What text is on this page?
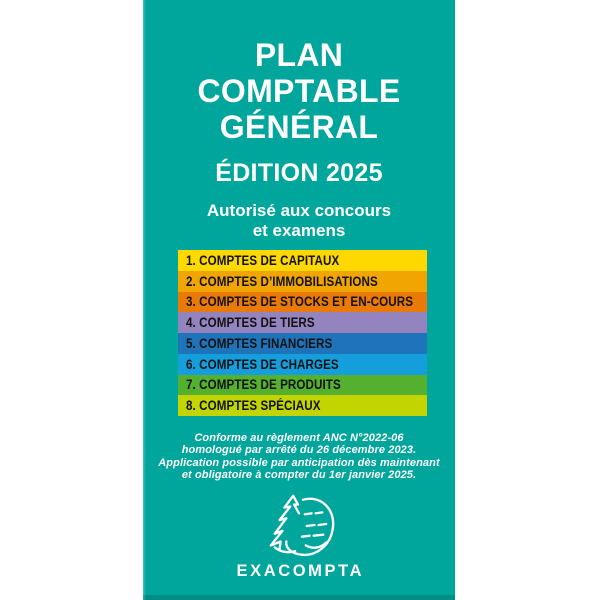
PLAN
COMPTABLE
GÉNÉRAL
ÉDITION 2025
Autorisé aux concours
et examens
1. COMPTES DE CAPITAUX
2. COMPTES D’IMMOBILISATIONS
3. COMPTES DE STOCKS ET EN-COURS
4. COMPTES DE TIERS
5. COMPTES FINANCIERS
6. COMPTES DE CHARGES
7. COMPTES DE PRODUITS
8. COMPTES SPÉCIAUX
Conforme au règlement ANC N°2022-06
homologué par arrêté du 26 décembre 2023.
Application possible par anticipation dès maintenant
et obligatoire à compter du 1er janvier 2025.
EXACOMPTA
